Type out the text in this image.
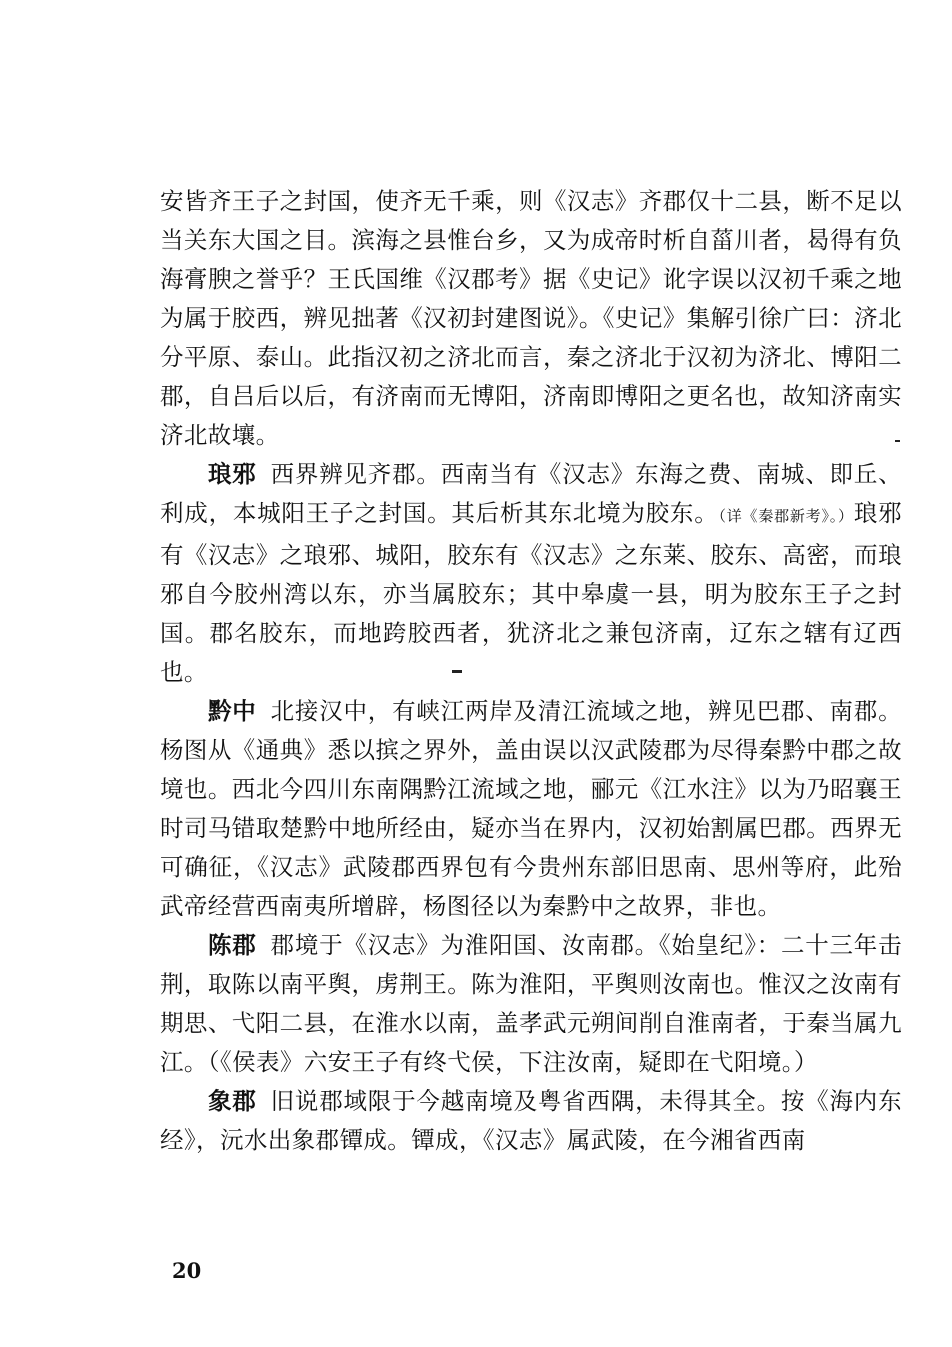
安皆齐王子之封国，使齐无千乘，则《汉志》齐郡仅十二县，断不足以当关东大国之目。滨海之县惟台乡，又为成帝时析自菑川者，曷得有负海膏腴之誉乎？王氏国维《汉郡考》据《史记》讹字误以汉初千乘之地为属于胶西，辨见拙著《汉初封建图说》。《史记》集解引徐广曰：济北分平原、泰山。此指汉初之济北而言，秦之济北于汉初为济北、博阳二郡，自吕后以后，有济南而无博阳，济南即博阳之更名也，故知济南实济北故壤。

琅邪 西界辨见齐郡。西南当有《汉志》东海之费、南城、即丘、利成，本城阳王子之封国。其后析其东北境为胶东。（详《秦郡新考》。）琅邪有《汉志》之琅邪、城阳，胶东有《汉志》之东莱、胶东、高密，而琅邪自今胶州湾以东，亦当属胶东；其中皋虞一县，明为胶东王子之封国。郡名胶东，而地跨胶西者，犹济北之兼包济南，辽东之辖有辽西也。

黔中 北接汉中，有峡江两岸及清江流域之地，辨见巴郡、南郡。杨图从《通典》悉以摈之界外，盖由误以汉武陵郡为尽得秦黔中郡之故境也。西北今四川东南隅黔江流域之地，郦元《江水注》以为乃昭襄王时司马错取楚黔中地所经由，疑亦当在界内，汉初始割属巴郡。西界无可确征，《汉志》武陵郡西界包有今贵州东部旧思南、思州等府，此殆武帝经营西南夷所增辟，杨图径以为秦黔中之故界，非也。

陈郡 郡境于《汉志》为淮阳国、汝南郡。《始皇纪》：二十三年击荆，取陈以南平舆，虏荆王。陈为淮阳，平舆则汝南也。惟汉之汝南有期思、弋阳二县，在淮水以南，盖孝武元朔间削自淮南者，于秦当属九江。（《侯表》六安王子有终弋侯，下注汝南，疑即在弋阳境。）

象郡 旧说郡域限于今越南境及粤省西隅，未得其全。按《海内东经》，沅水出象郡镡成。镡成，《汉志》属武陵，在今湘省西南

20
